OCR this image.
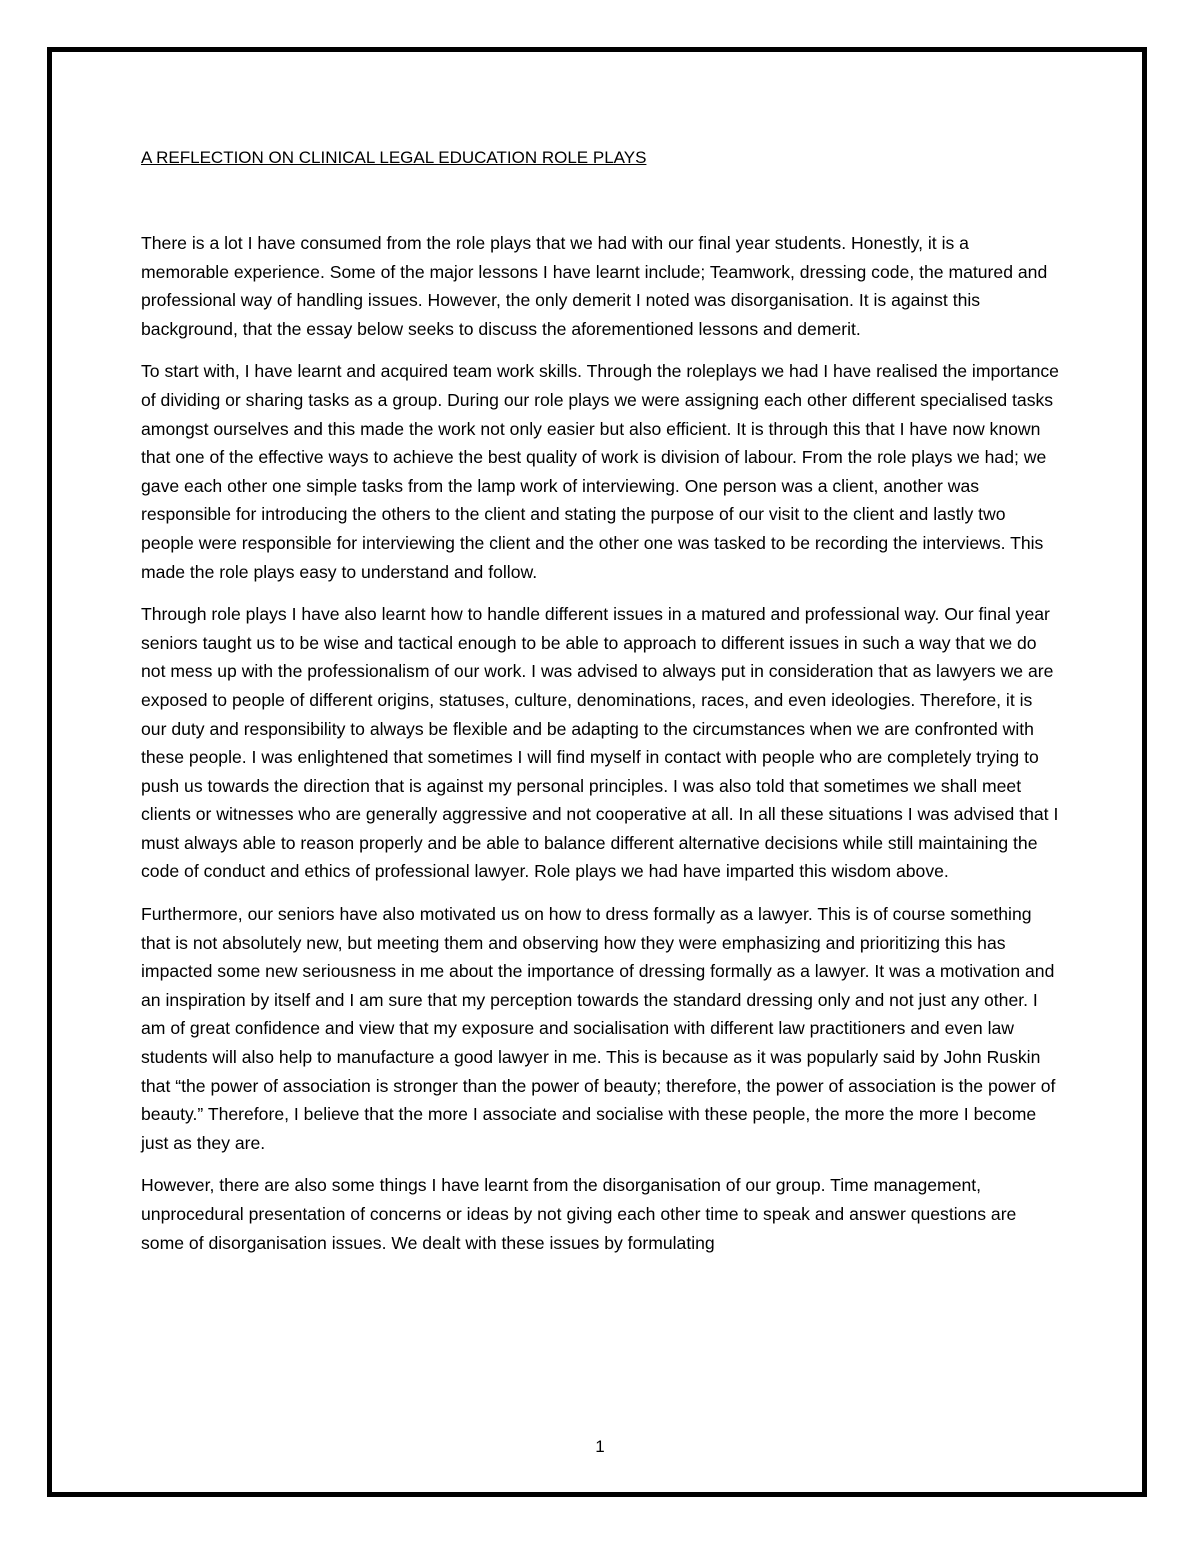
A REFLECTION ON CLINICAL LEGAL EDUCATION ROLE PLAYS

There is a lot I have consumed from the role plays that we had with our final year students. Honestly, it is a memorable experience. Some of the major lessons I have learnt include; Teamwork, dressing code, the matured and professional way of handling issues. However, the only demerit I noted was disorganisation. It is against this background, that the essay below seeks to discuss the aforementioned lessons and demerit.

To start with, I have learnt and acquired team work skills. Through the roleplays we had I have realised the importance of dividing or sharing tasks as a group. During our role plays we were assigning each other different specialised tasks amongst ourselves and this made the work not only easier but also efficient. It is through this that I have now known that one of the effective ways to achieve the best quality of work is division of labour. From the role plays we had; we gave each other one simple tasks from the lamp work of interviewing. One person was a client, another was responsible for introducing the others to the client and stating the purpose of our visit to the client and lastly two people were responsible for interviewing the client and the other one was tasked to be recording the interviews. This made the role plays easy to understand and follow.

Through role plays I have also learnt how to handle different issues in a matured and professional way. Our final year seniors taught us to be wise and tactical enough to be able to approach to different issues in such a way that we do not mess up with the professionalism of our work. I was advised to always put in consideration that as lawyers we are exposed to people of different origins, statuses, culture, denominations, races, and even ideologies. Therefore, it is our duty and responsibility to always be flexible and be adapting to the circumstances when we are confronted with these people. I was enlightened that sometimes I will find myself in contact with people who are completely trying to push us towards the direction that is against my personal principles. I was also told that sometimes we shall meet clients or witnesses who are generally aggressive and not cooperative at all. In all these situations I was advised that I must always able to reason properly and be able to balance different alternative decisions while still maintaining the code of conduct and ethics of professional lawyer. Role plays we had have imparted this wisdom above.

Furthermore, our seniors have also motivated us on how to dress formally as a lawyer. This is of course something that is not absolutely new, but meeting them and observing how they were emphasizing and prioritizing this has impacted some new seriousness in me about the importance of dressing formally as a lawyer. It was a motivation and an inspiration by itself and I am sure that my perception towards the standard dressing only and not just any other. I am of great confidence and view that my exposure and socialisation with different law practitioners and even law students will also help to manufacture a good lawyer in me. This is because as it was popularly said by John Ruskin that “the power of association is stronger than the power of beauty; therefore, the power of association is the power of beauty.” Therefore, I believe that the more I associate and socialise with these people, the more the more I become just as they are.

However, there are also some things I have learnt from the disorganisation of our group. Time management, unprocedural presentation of concerns or ideas by not giving each other time to speak and answer questions are some of disorganisation issues. We dealt with these issues by formulating

1
